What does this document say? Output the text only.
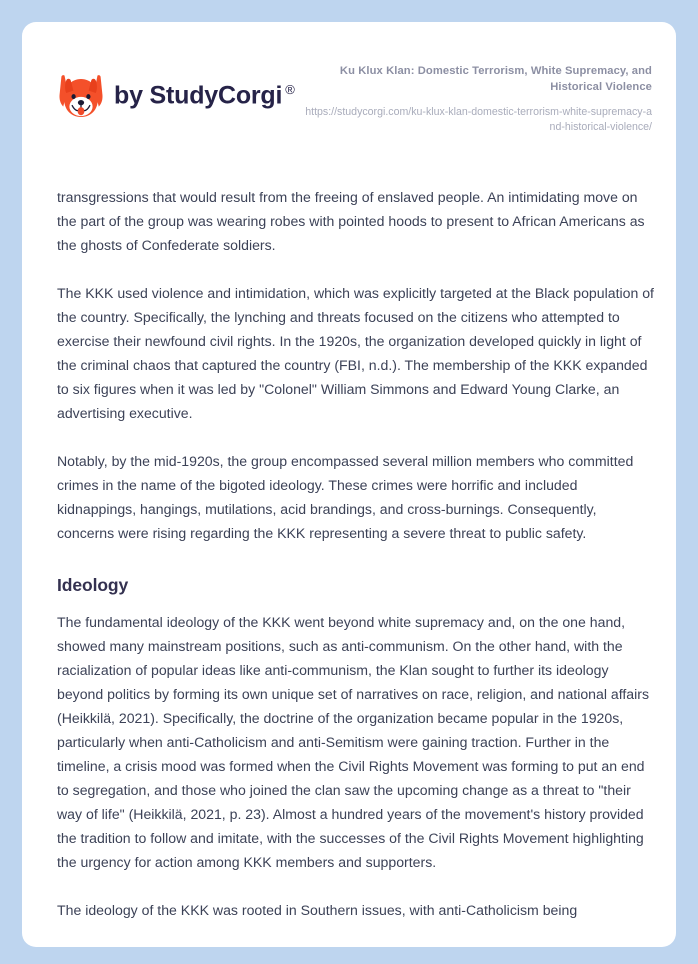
by StudyCorgi ®
Ku Klux Klan: Domestic Terrorism, White Supremacy, and Historical Violence
https://studycorgi.com/ku-klux-klan-domestic-terrorism-white-supremacy-and-historical-violence/

transgressions that would result from the freeing of enslaved people. An intimidating move on the part of the group was wearing robes with pointed hoods to present to African Americans as the ghosts of Confederate soldiers.

The KKK used violence and intimidation, which was explicitly targeted at the Black population of the country. Specifically, the lynching and threats focused on the citizens who attempted to exercise their newfound civil rights. In the 1920s, the organization developed quickly in light of the criminal chaos that captured the country (FBI, n.d.). The membership of the KKK expanded to six figures when it was led by "Colonel" William Simmons and Edward Young Clarke, an advertising executive.

Notably, by the mid-1920s, the group encompassed several million members who committed crimes in the name of the bigoted ideology. These crimes were horrific and included kidnappings, hangings, mutilations, acid brandings, and cross-burnings. Consequently, concerns were rising regarding the KKK representing a severe threat to public safety.

Ideology

The fundamental ideology of the KKK went beyond white supremacy and, on the one hand, showed many mainstream positions, such as anti-communism. On the other hand, with the racialization of popular ideas like anti-communism, the Klan sought to further its ideology beyond politics by forming its own unique set of narratives on race, religion, and national affairs (Heikkilä, 2021). Specifically, the doctrine of the organization became popular in the 1920s, particularly when anti-Catholicism and anti-Semitism were gaining traction. Further in the timeline, a crisis mood was formed when the Civil Rights Movement was forming to put an end to segregation, and those who joined the clan saw the upcoming change as a threat to "their way of life" (Heikkilä, 2021, p. 23). Almost a hundred years of the movement's history provided the tradition to follow and imitate, with the successes of the Civil Rights Movement highlighting the urgency for action among KKK members and supporters.

The ideology of the KKK was rooted in Southern issues, with anti-Catholicism being
